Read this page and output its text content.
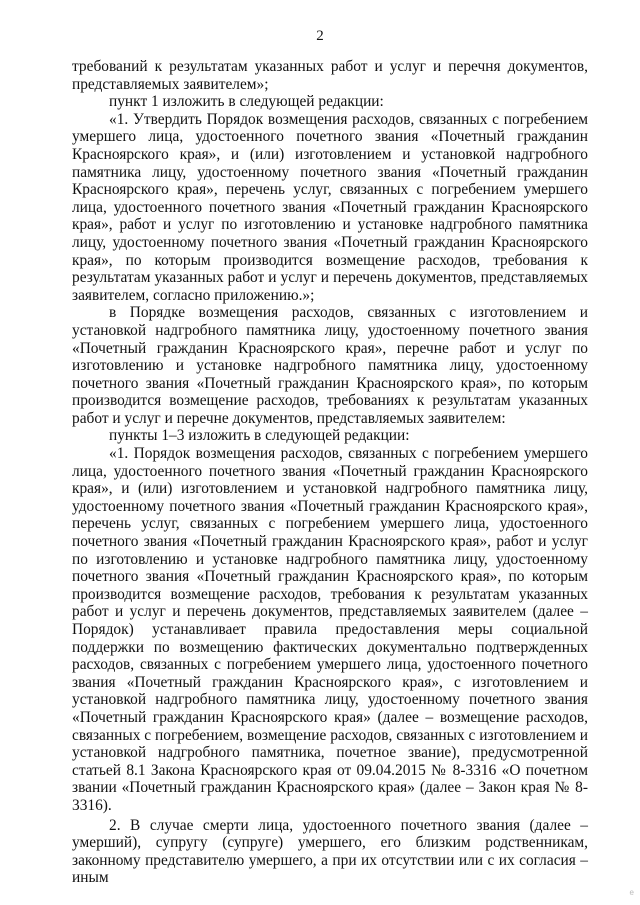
2

требований к результатам указанных работ и услуг и перечня документов, представляемых заявителем»;

пункт 1 изложить в следующей редакции:

«1. Утвердить Порядок возмещения расходов, связанных с погребением умершего лица, удостоенного почетного звания «Почетный гражданин Красноярского края», и (или) изготовлением и установкой надгробного памятника лицу, удостоенному почетного звания «Почетный гражданин Красноярского края», перечень услуг, связанных с погребением умершего лица, удостоенного почетного звания «Почетный гражданин Красноярского края», работ и услуг по изготовлению и установке надгробного памятника лицу, удостоенному почетного звания «Почетный гражданин Красноярского края», по которым производится возмещение расходов, требования к результатам указанных работ и услуг и перечень документов, представляемых заявителем, согласно приложению.»;

в Порядке возмещения расходов, связанных с изготовлением и установкой надгробного памятника лицу, удостоенному почетного звания «Почетный гражданин Красноярского края», перечне работ и услуг по изготовлению и установке надгробного памятника лицу, удостоенному почетного звания «Почетный гражданин Красноярского края», по которым производится возмещение расходов, требованиях к результатам указанных работ и услуг и перечне документов, представляемых заявителем:

пункты 1–3 изложить в следующей редакции:

«1. Порядок возмещения расходов, связанных с погребением умершего лица, удостоенного почетного звания «Почетный гражданин Красноярского края», и (или) изготовлением и установкой надгробного памятника лицу, удостоенному почетного звания «Почетный гражданин Красноярского края», перечень услуг, связанных с погребением умершего лица, удостоенного почетного звания «Почетный гражданин Красноярского края», работ и услуг по изготовлению и установке надгробного памятника лицу, удостоенному почетного звания «Почетный гражданин Красноярского края», по которым производится возмещение расходов, требования к результатам указанных работ и услуг и перечень документов, представляемых заявителем (далее – Порядок) устанавливает правила предоставления меры социальной поддержки по возмещению фактических документально подтвержденных расходов, связанных с погребением умершего лица, удостоенного почетного звания «Почетный гражданин Красноярского края», с изготовлением и установкой надгробного памятника лицу, удостоенному почетного звания «Почетный гражданин Красноярского края» (далее – возмещение расходов, связанных с погребением, возмещение расходов, связанных с изготовлением и установкой надгробного памятника, почетное звание), предусмотренной статьей 8.1 Закона Красноярского края от 09.04.2015 № 8-3316 «О почетном звании «Почетный гражданин Красноярского края» (далее – Закон края № 8-3316).

2. В случае смерти лица, удостоенного почетного звания (далее – умерший), супругу (супруге) умершего, его близким родственникам, законному представителю умершего, а при их отсутствии или с их согласия – иным

е
